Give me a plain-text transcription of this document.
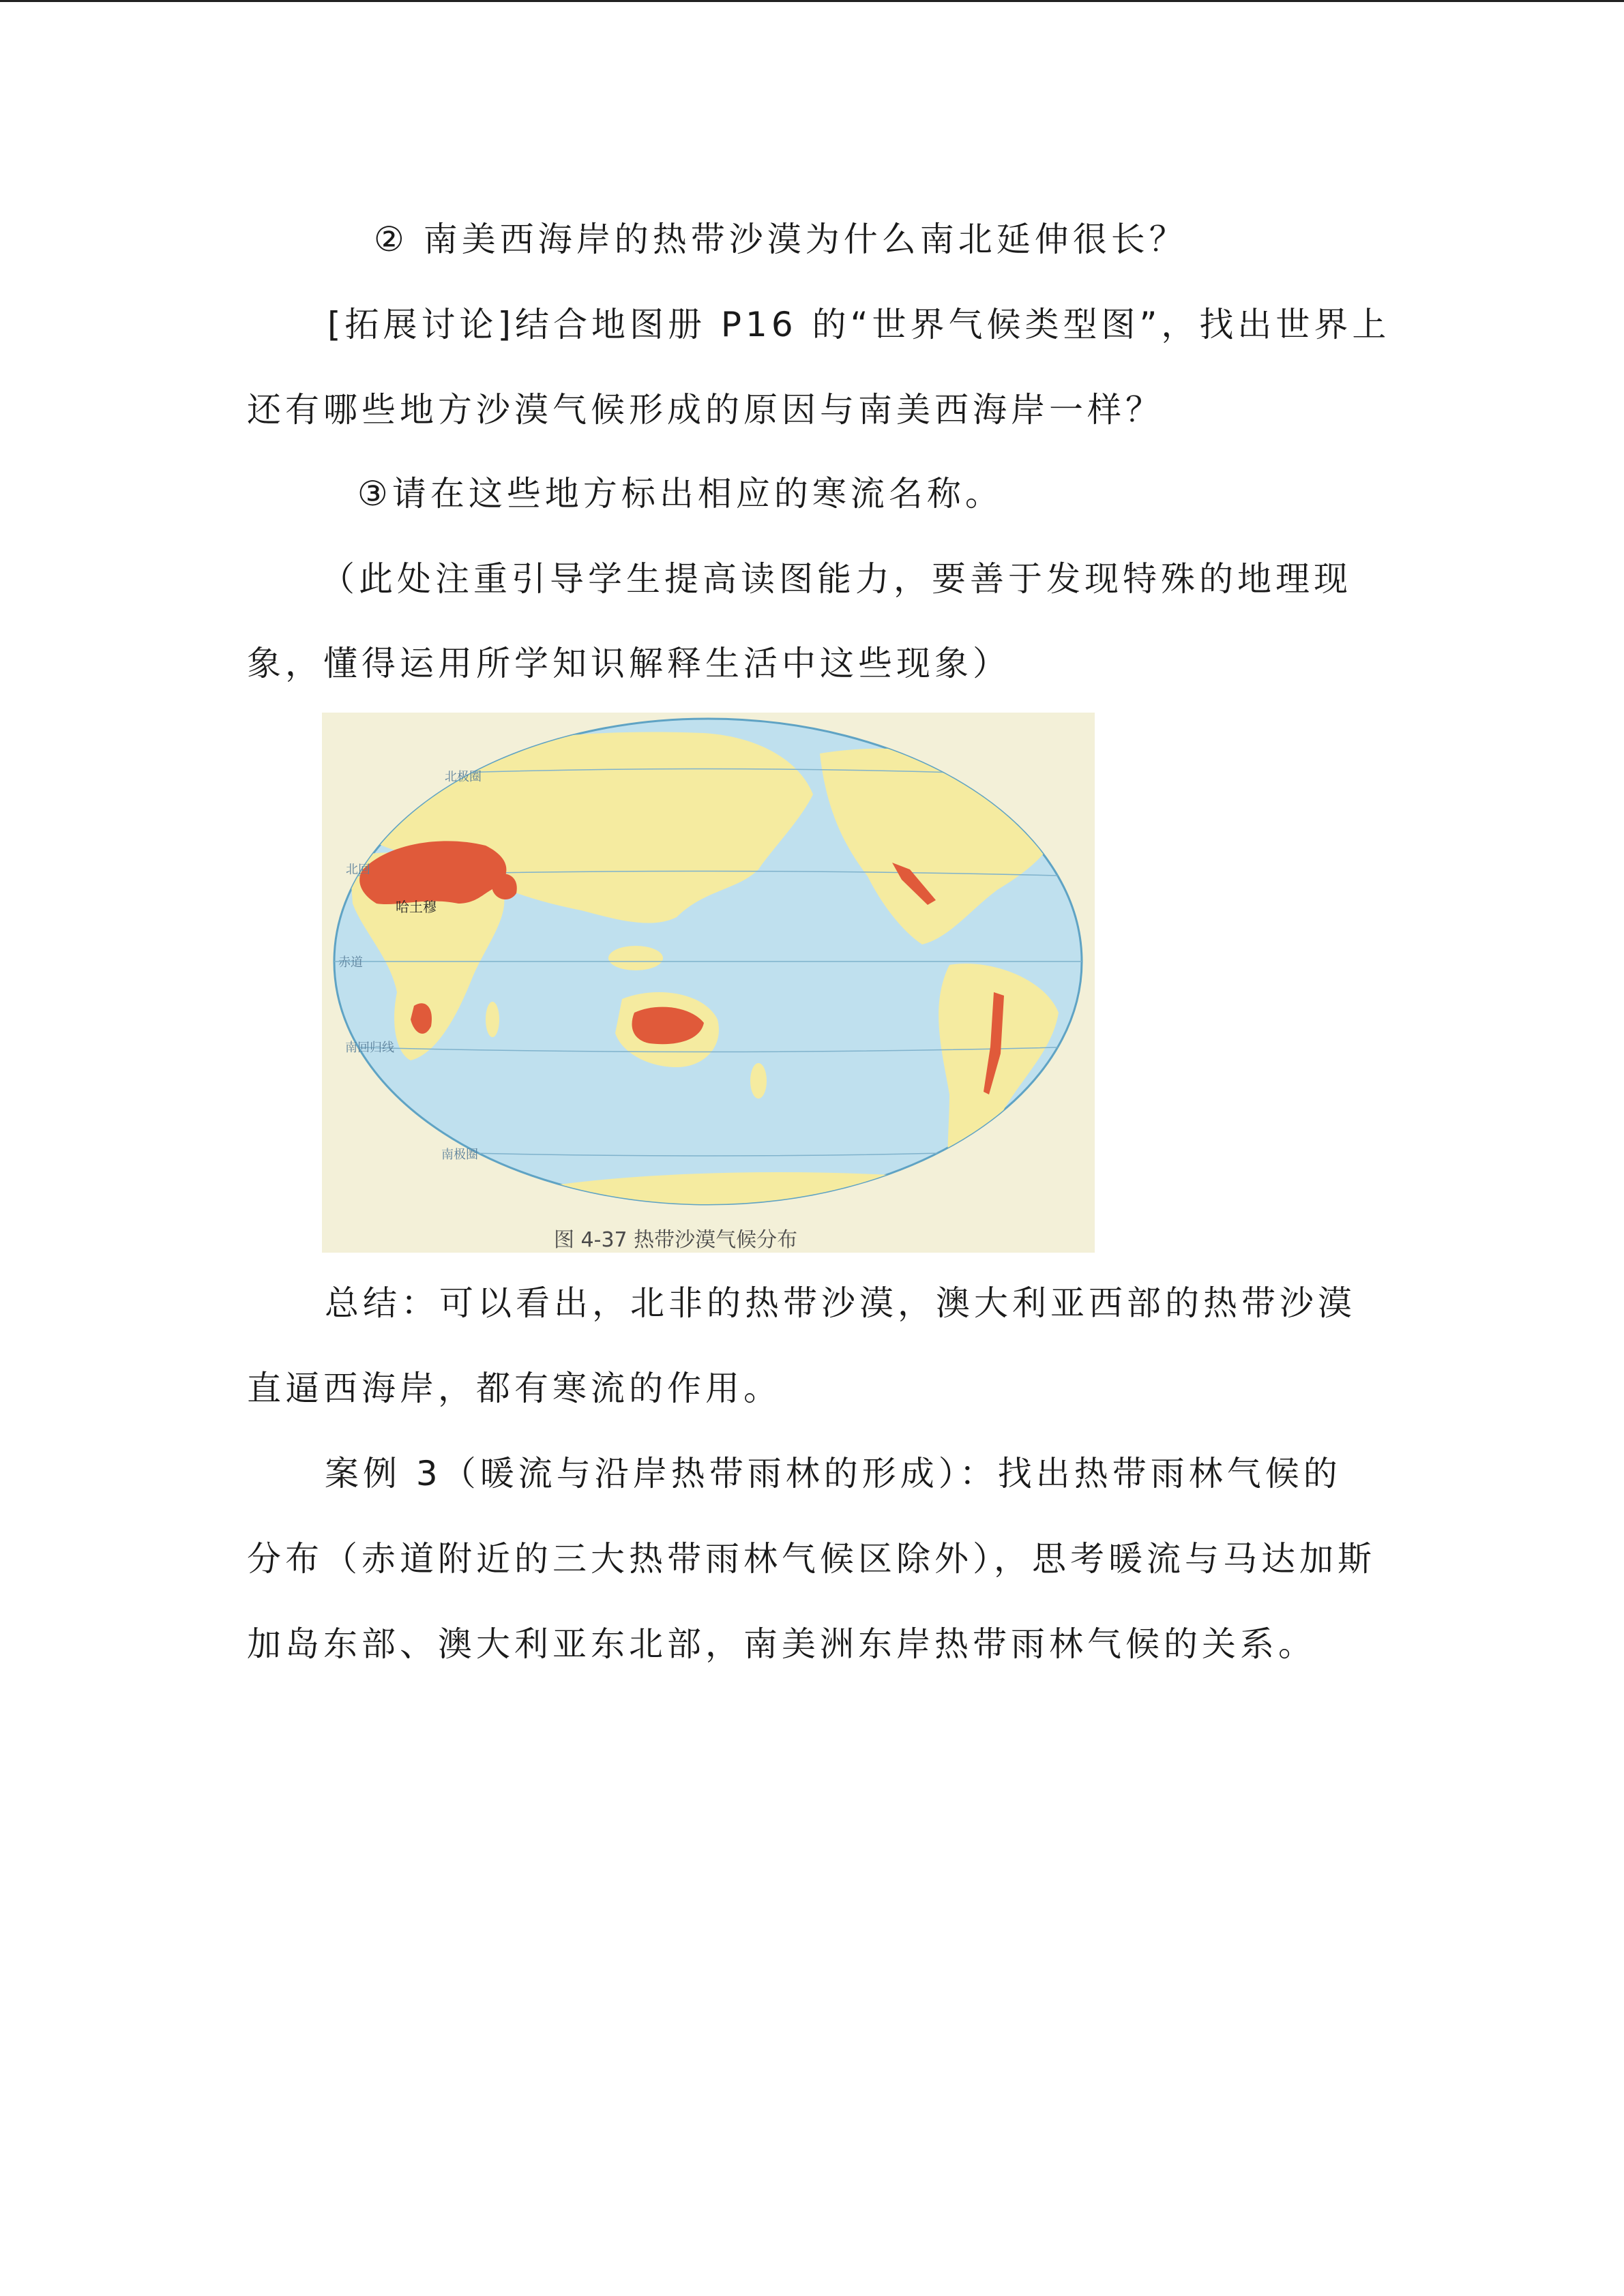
② 南美西海岸的热带沙漠为什么南北延伸很长？
[拓展讨论]结合地图册 P16 的“世界气候类型图”，找出世界上
还有哪些地方沙漠气候形成的原因与南美西海岸一样？
③请在这些地方标出相应的寒流名称。
（此处注重引导学生提高读图能力，要善于发现特殊的地理现
象，懂得运用所学知识解释生活中这些现象）
北回
赤道
南回归线
南极圈
北极圈
哈土穆
图 4-37 热带沙漠气候分布
总结：可以看出，北非的热带沙漠，澳大利亚西部的热带沙漠
直逼西海岸，都有寒流的作用。
案例 3（暖流与沿岸热带雨林的形成）：找出热带雨林气候的
分布（赤道附近的三大热带雨林气候区除外），思考暖流与马达加斯
加岛东部、澳大利亚东北部，南美洲东岸热带雨林气候的关系。
